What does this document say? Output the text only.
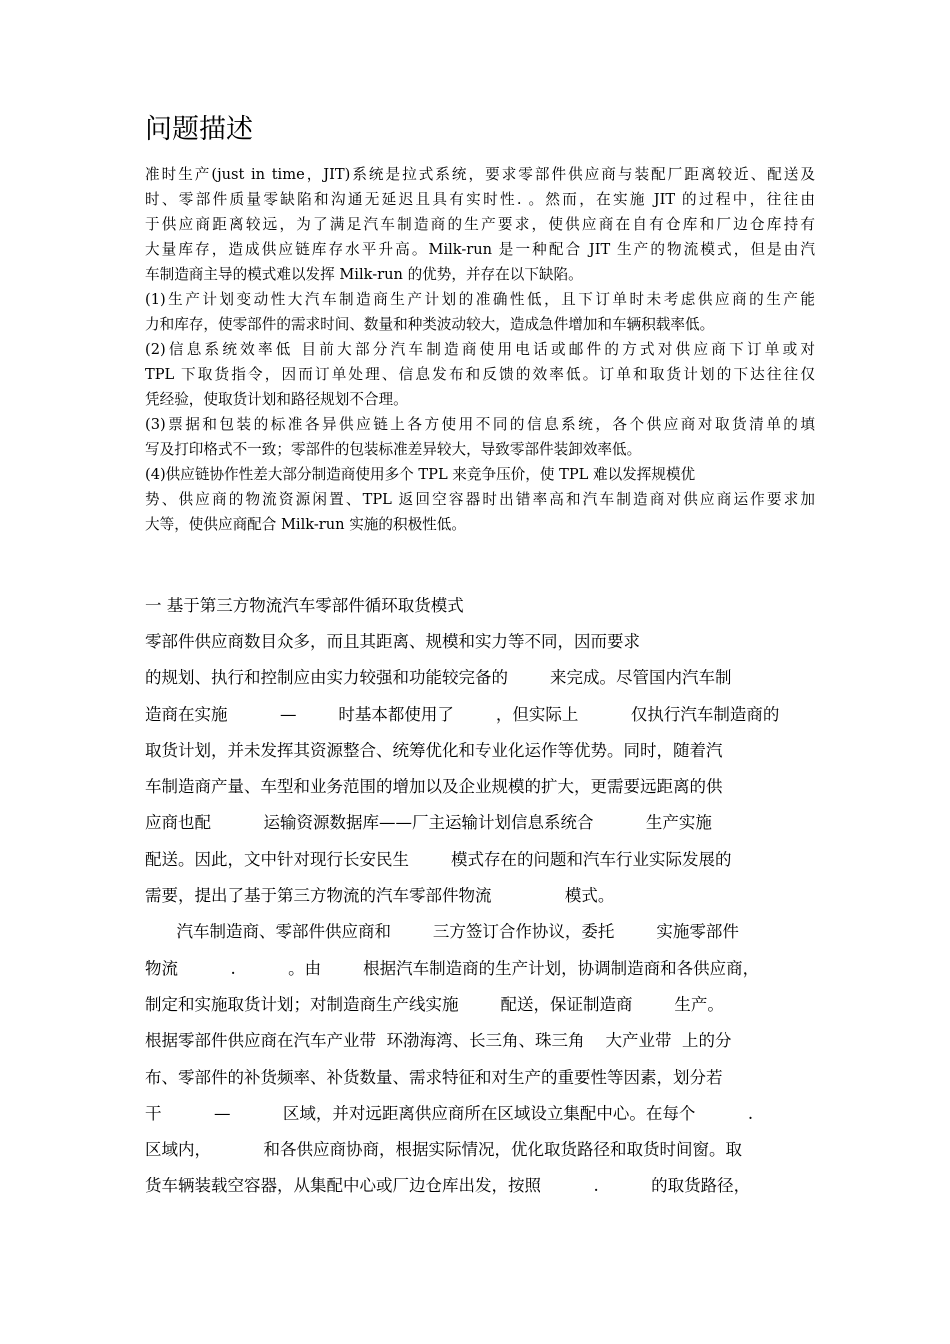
问题描述
准时生产(just in time，JIT)系统是拉式系统，要求零部件供应商与装配厂距离较近、配送及
时、零部件质量零缺陷和沟通无延迟且具有实时性. 。然而，在实施 JIT 的过程中，往往由
于供应商距离较远，为了满足汽车制造商的生产要求，使供应商在自有仓库和厂边仓库持有
大量库存，造成供应链库存水平升高。Milk-run 是一种配合 JIT 生产的物流模式，但是由汽
车制造商主导的模式难以发挥 Milk-run 的优势，并存在以下缺陷。
(1)生产计划变动性大汽车制造商生产计划的准确性低，且下订单时未考虑供应商的生产能
力和库存，使零部件的需求时间、数量和种类波动较大，造成急件增加和车辆积载率低。
(2)信息系统效率低 目前大部分汽车制造商使用电话或邮件的方式对供应商下订单或对
TPL 下取货指令，因而订单处理、信息发布和反馈的效率低。订单和取货计划的下达往往仅
凭经验，使取货计划和路径规划不合理。
(3)票据和包装的标准各异供应链上各方使用不同的信息系统，各个供应商对取货清单的填
写及打印格式不一致；零部件的包装标准差异较大，导致零部件装卸效率低。
(4)供应链协作性差大部分制造商使用多个 TPL 来竞争压价，使 TPL 难以发挥规模优
势、供应商的物流资源闲置、TPL 返回空容器时出错率高和汽车制造商对供应商运作要求加
大等，使供应商配合 Milk-run 实施的积极性低。
一 基于第三方物流汽车零部件循环取货模式
零部件供应商数目众多，而且其距离、规模和实力等不同，因而要求
的规划、执行和控制应由实力较强和功能较完备的        来完成。尽管国内汽车制
造商在实施          —        时基本都使用了        ，但实际上          仅执行汽车制造商的
取货计划，并未发挥其资源整合、统筹优化和专业化运作等优势。同时，随着汽
车制造商产量、车型和业务范围的增加以及企业规模的扩大，更需要远距离的供
应商也配          运输资源数据库——厂主运输计划信息系统合          生产实施
配送。因此，文中针对现行长安民生        模式存在的问题和汽车行业实际发展的
需要，提出了基于第三方物流的汽车零部件物流              模式。
汽车制造商、零部件供应商和        三方签订合作协议，委托        实施零部件
物流          .          。由        根据汽车制造商的生产计划，协调制造商和各供应商，
制定和实施取货计划；对制造商生产线实施        配送，保证制造商        生产。
根据零部件供应商在汽车产业带  环渤海湾、长三角、珠三角    大产业带  上的分
布、零部件的补货频率、补货数量、需求特征和对生产的重要性等因素，划分若
干          —          区域，并对远距离供应商所在区域设立集配中心。在每个          .
区域内，          和各供应商协商，根据实际情况，优化取货路径和取货时间窗。取
货车辆装载空容器，从集配中心或厂边仓库出发，按照          .          的取货路径，
